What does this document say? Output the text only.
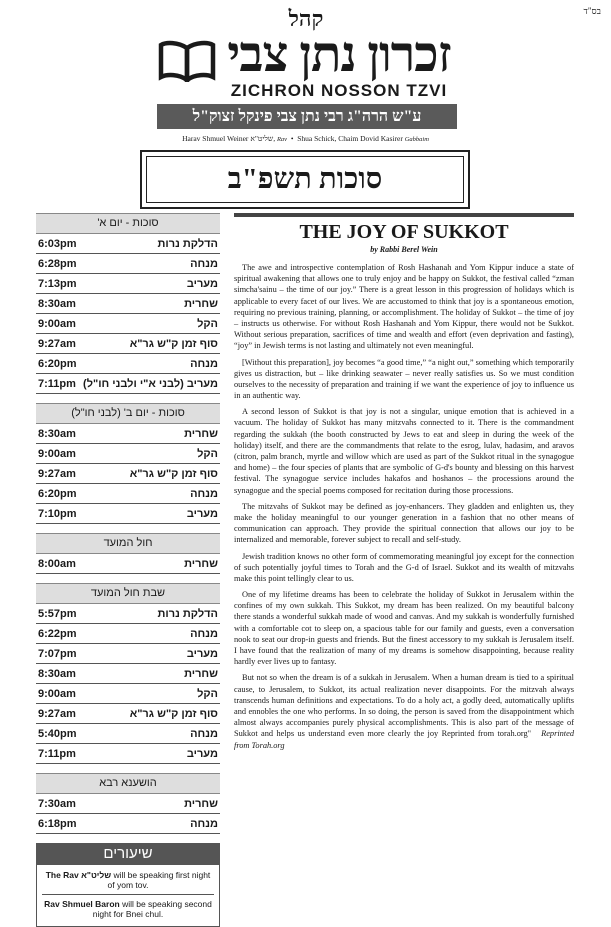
בס"ד
קהל
זכרון נתן צבי
ZICHRON NOSSON TZVI
ע"ש הרה"ג רבי נתן צבי פינקל זצוק"ל
Harav Shmuel Weiner שליט"א, Rav  •  Shua Schick, Chaim Dovid Kasirer Gabbaim
סוכות תשפ"ב
סוכות - יום א'
6:03pm	הדלקת נרות
6:28pm	מנחה
7:13pm	מעריב
8:30am	שחרית
9:00am	הקל
9:27am	סוף זמן ק"ש גר"א
6:20pm	מנחה
7:11pm מעריב (לבני א"י ולבני חו"ל)
סוכות - יום ב' (לבני חו"ל)
8:30am	שחרית
9:00am	הקל
9:27am	סוף זמן ק"ש גר"א
6:20pm	מנחה
7:10pm	מעריב
חול המועד
8:00am	שחרית
שבת חול המועד
5:57pm	הדלקת נרות
6:22pm	מנחה
7:07pm	מעריב
8:30am	שחרית
9:00am	הקל
9:27am	סוף זמן ק"ש גר"א
5:40pm	מנחה
7:11pm	מעריב
הושענא רבא
7:30am	שחרית
6:18pm	מנחה
שיעורים

The Rav שליט"א will be speaking first night of yom tov.

Rav Shmuel Baron will be speaking second night for Bnei chul.

THE JOY OF SUKKOT
by Rabbi Berel Wein

The awe and introspective contemplation of Rosh Hashanah and Yom Kippur induce a state of spiritual awakening that allows one to truly enjoy and be happy on Sukkot, the festival called “zman simcha'sainu – the time of our joy.” There is a great lesson in this progression of holidays which is applicable to every facet of our lives. We are accustomed to think that joy is a spontaneous emotion, requiring no previous training, planning, or accomplishment. The holiday of Sukkot – the time of joy – instructs us otherwise. For without Rosh Hashanah and Yom Kippur, there would not be Sukkot. Without serious preparation, sacrifices of time and wealth and effort (even deprivation and fasting), “joy” in Jewish terms is not lasting and ultimately not even meaningful.

[Without this preparation], joy becomes “a good time,” “a night out,” something which temporarily gives us distraction, but – like drinking seawater – never really satisfies us. So we must condition ourselves to the necessity of preparation and training if we want the experience of joy to influence us in an authentic way.

A second lesson of Sukkot is that joy is not a singular, unique emotion that is achieved in a vacuum. The holiday of Sukkot has many mitzvahs connected to it. There is the commandment regarding the sukkah (the booth constructed by Jews to eat and sleep in during the week of the holiday) itself, and there are the commandments that relate to the esrog, lulav, hadasim, and aravos (citron, palm branch, myrtle and willow which are used as part of the Sukkot ritual in the synagogue and home) – the four species of plants that are symbolic of G-d's bounty and blessing on this harvest festival. The synagogue service includes hakafos and hoshanos – the processions around the synagogue and the special poems composed for recitation during those processions.

The mitzvahs of Sukkot may be defined as joy-enhancers. They gladden and enlighten us, they make the holiday meaningful to our younger generation in a fashion that no other means of communication can approach. They provide the spiritual connection that allows our joy to be internalized and memorable, forever subject to recall and self-study.

Jewish tradition knows no other form of commemorating meaningful joy except for the connection of such potentially joyful times to Torah and the G-d of Israel. Sukkot and its wealth of mitzvahs make this point tellingly clear to us.

One of my lifetime dreams has been to celebrate the holiday of Sukkot in Jerusalem within the confines of my own sukkah. This Sukkot, my dream has been realized. On my beautiful balcony there stands a wonderful sukkah made of wood and canvas. And my sukkah is wonderfully furnished with a comfortable cot to sleep on, a spacious table for our family and guests, even a conversation nook to seat our drop-in guests and friends. But the finest accessory to my sukkah is Jerusalem itself. I have found that the realization of many of my dreams is somehow disappointing, because reality hardly ever lives up to fantasy.

But not so when the dream is of a sukkah in Jerusalem. When a human dream is tied to a spiritual cause, to Jerusalem, to Sukkot, its actual realization never disappoints. For the mitzvah always transcends human definitions and expectations. To do a holy act, a godly deed, automatically uplifts and ennobles the one who performs. In so doing, the person is saved from the disappointment which almost always accompanies purely physical accomplishments. This is also part of the message of Sukkot and helps us understand even more clearly the joy Reprinted from torah.org" Reprinted from Torah.org
